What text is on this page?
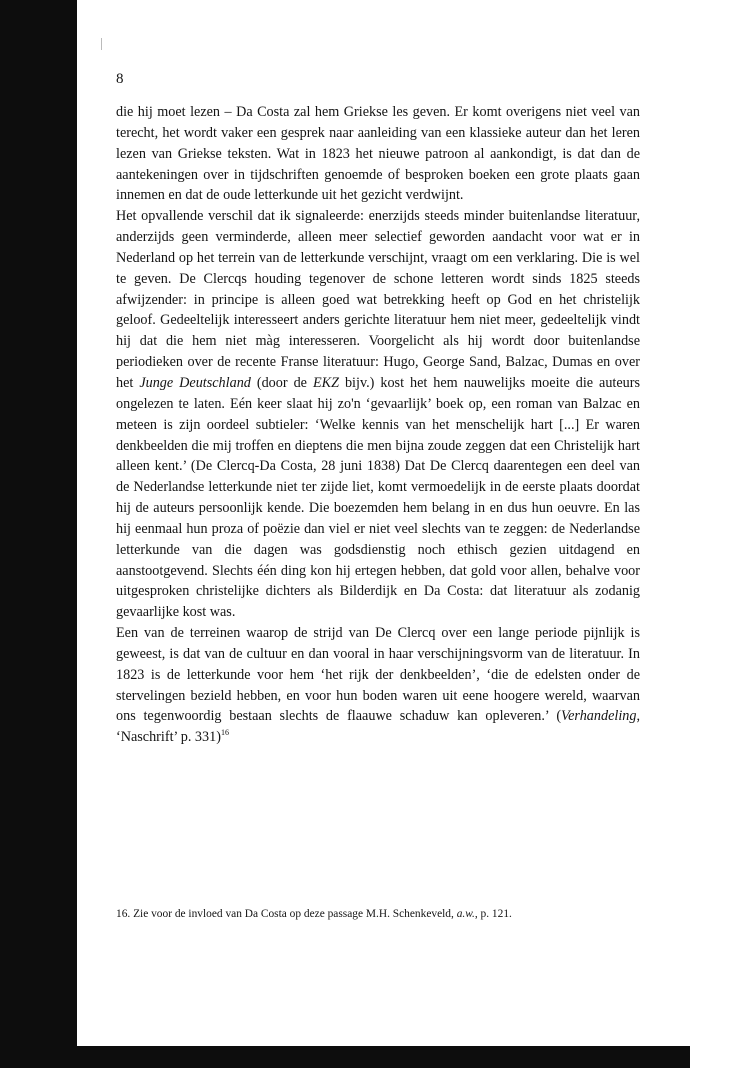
8

die hij moet lezen – Da Costa zal hem Griekse les geven. Er komt overigens niet veel van terecht, het wordt vaker een gesprek naar aanleiding van een klassieke auteur dan het leren lezen van Griekse teksten. Wat in 1823 het nieuwe patroon al aankondigt, is dat dan de aantekeningen over in tijdschriften genoemde of besproken boeken een grote plaats gaan innemen en dat de oude letterkunde uit het gezicht verdwijnt.

Het opvallende verschil dat ik signaleerde: enerzijds steeds minder buitenlandse literatuur, anderzijds geen verminderde, alleen meer selectief geworden aandacht voor wat er in Nederland op het terrein van de letterkunde verschijnt, vraagt om een verklaring. Die is wel te geven. De Clercqs houding tegenover de schone letteren wordt sinds 1825 steeds afwijzender: in principe is alleen goed wat betrekking heeft op God en het christelijk geloof. Gedeeltelijk interesseert anders gerichte literatuur hem niet meer, gedeeltelijk vindt hij dat die hem niet màg interesseren. Voorgelicht als hij wordt door buitenlandse periodieken over de recente Franse literatuur: Hugo, George Sand, Balzac, Dumas en over het Junge Deutschland (door de EKZ bijv.) kost het hem nauwelijks moeite die auteurs ongelezen te laten. Eén keer slaat hij zo'n ‘gevaarlijk’ boek op, een roman van Balzac en meteen is zijn oordeel subtieler: ‘Welke kennis van het menschelijk hart [...] Er waren denkbeelden die mij troffen en dieptens die men bijna zoude zeggen dat een Christelijk hart alleen kent.’ (De Clercq-Da Costa, 28 juni 1838) Dat De Clercq daarentegen een deel van de Nederlandse letterkunde niet ter zijde liet, komt vermoedelijk in de eerste plaats doordat hij de auteurs persoonlijk kende. Die boezemden hem belang in en dus hun oeuvre. En las hij eenmaal hun proza of poëzie dan viel er niet veel slechts van te zeggen: de Nederlandse letterkunde van die dagen was godsdienstig noch ethisch gezien uitdagend en aanstootgevend. Slechts één ding kon hij ertegen hebben, dat gold voor allen, behalve voor uitgesproken christelijke dichters als Bilderdijk en Da Costa: dat literatuur als zodanig gevaarlijke kost was.

Een van de terreinen waarop de strijd van De Clercq over een lange periode pijnlijk is geweest, is dat van de cultuur en dan vooral in haar verschijningsvorm van de literatuur. In 1823 is de letterkunde voor hem ‘het rijk der denkbeelden’, ‘die de edelsten onder de stervelingen bezield hebben, en voor hun boden waren uit eene hoogere wereld, waarvan ons tegenwoordig bestaan slechts de flaauwe schaduw kan opleveren.’ (Verhandeling, ‘Naschrift’ p. 331)$^{16}$

16. Zie voor de invloed van Da Costa op deze passage M.H. Schenkeveld, a.w., p. 121.
